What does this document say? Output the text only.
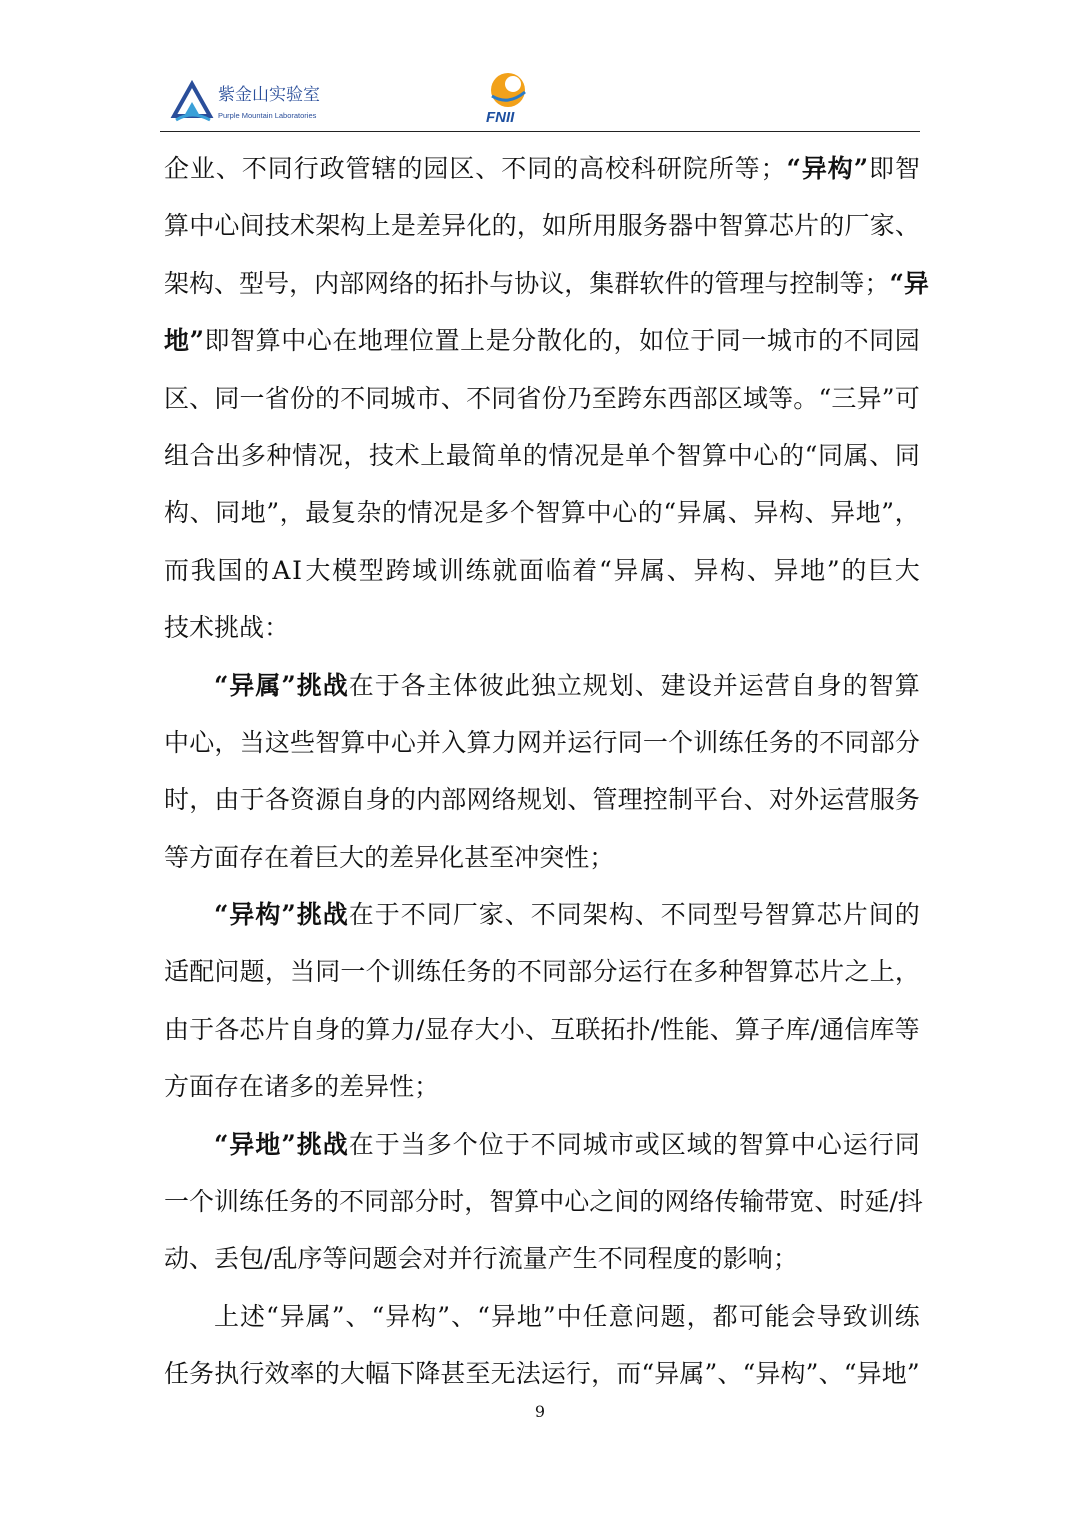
紫金山实验室
Purple Mountain Laboratories	FNII
企 业 、 不 同 行 政 管 辖 的 园 区 、 不 同 的 高 校 科 研 院 所 等 ； “ 异 构 ” 即 智
算 中 心 间 技 术 架 构 上 是 差 异 化 的 ， 如 所 用 服 务 器 中 智 算 芯 片 的 厂 家 、
架 构 、 型 号 ， 内 部 网 络 的 拓 扑 与 协 议 ， 集 群 软 件 的 管 理 与 控 制 等 ； “ 异
地 ” 即 智 算 中 心 在 地 理 位 置 上 是 分 散 化 的 ， 如 位 于 同 一 城 市 的 不 同 园
区 、 同 一 省 份 的 不 同 城 市 、 不 同 省 份 乃 至 跨 东 西 部 区 域 等 。 “ 三 异 ” 可
组 合 出 多 种 情 况 ， 技 术 上 最 简 单 的 情 况 是 单 个 智 算 中 心 的 “ 同 属 、 同
构 、 同 地 ” ， 最 复 杂 的 情 况 是 多 个 智 算 中 心 的 “ 异 属 、 异 构 、 异 地 ” ，
而 我 国 的 A I 大 模 型 跨 域 训 练 就 面 临 着 “ 异 属 、 异 构 、 异 地 ” 的 巨 大
技 术 挑 战 ：
“ 异 属 ” 挑 战 在 于 各 主 体 彼 此 独 立 规 划 、 建 设 并 运 营 自 身 的 智 算
中 心 ， 当 这 些 智 算 中 心 并 入 算 力 网 并 运 行 同 一 个 训 练 任 务 的 不 同 部 分
时 ， 由 于 各 资 源 自 身 的 内 部 网 络 规 划 、 管 理 控 制 平 台 、 对 外 运 营 服 务
等 方 面 存 在 着 巨 大 的 差 异 化 甚 至 冲 突 性 ；
“ 异 构 ” 挑 战 在 于 不 同 厂 家 、 不 同 架 构 、 不 同 型 号 智 算 芯 片 间 的
适 配 问 题 ， 当 同 一 个 训 练 任 务 的 不 同 部 分 运 行 在 多 种 智 算 芯 片 之 上 ，
由 于 各 芯 片 自 身 的 算 力 / 显 存 大 小 、 互 联 拓 扑 / 性 能 、 算 子 库 / 通 信 库 等
方 面 存 在 诸 多 的 差 异 性 ；
“ 异 地 ” 挑 战 在 于 当 多 个 位 于 不 同 城 市 或 区 域 的 智 算 中 心 运 行 同
一 个 训 练 任 务 的 不 同 部 分 时 ， 智 算 中 心 之 间 的 网 络 传 输 带 宽 、 时 延 / 抖
动 、 丢 包 / 乱 序 等 问 题 会 对 并 行 流 量 产 生 不 同 程 度 的 影 响 ；
上 述 “ 异 属 ” 、 “ 异 构 ” 、 “ 异 地 ” 中 任 意 问 题 ， 都 可 能 会 导 致 训 练
任 务 执 行 效 率 的 大 幅 下 降 甚 至 无 法 运 行 ， 而 “ 异 属 ” 、 “ 异 构 ” 、 “ 异 地 ”
9
